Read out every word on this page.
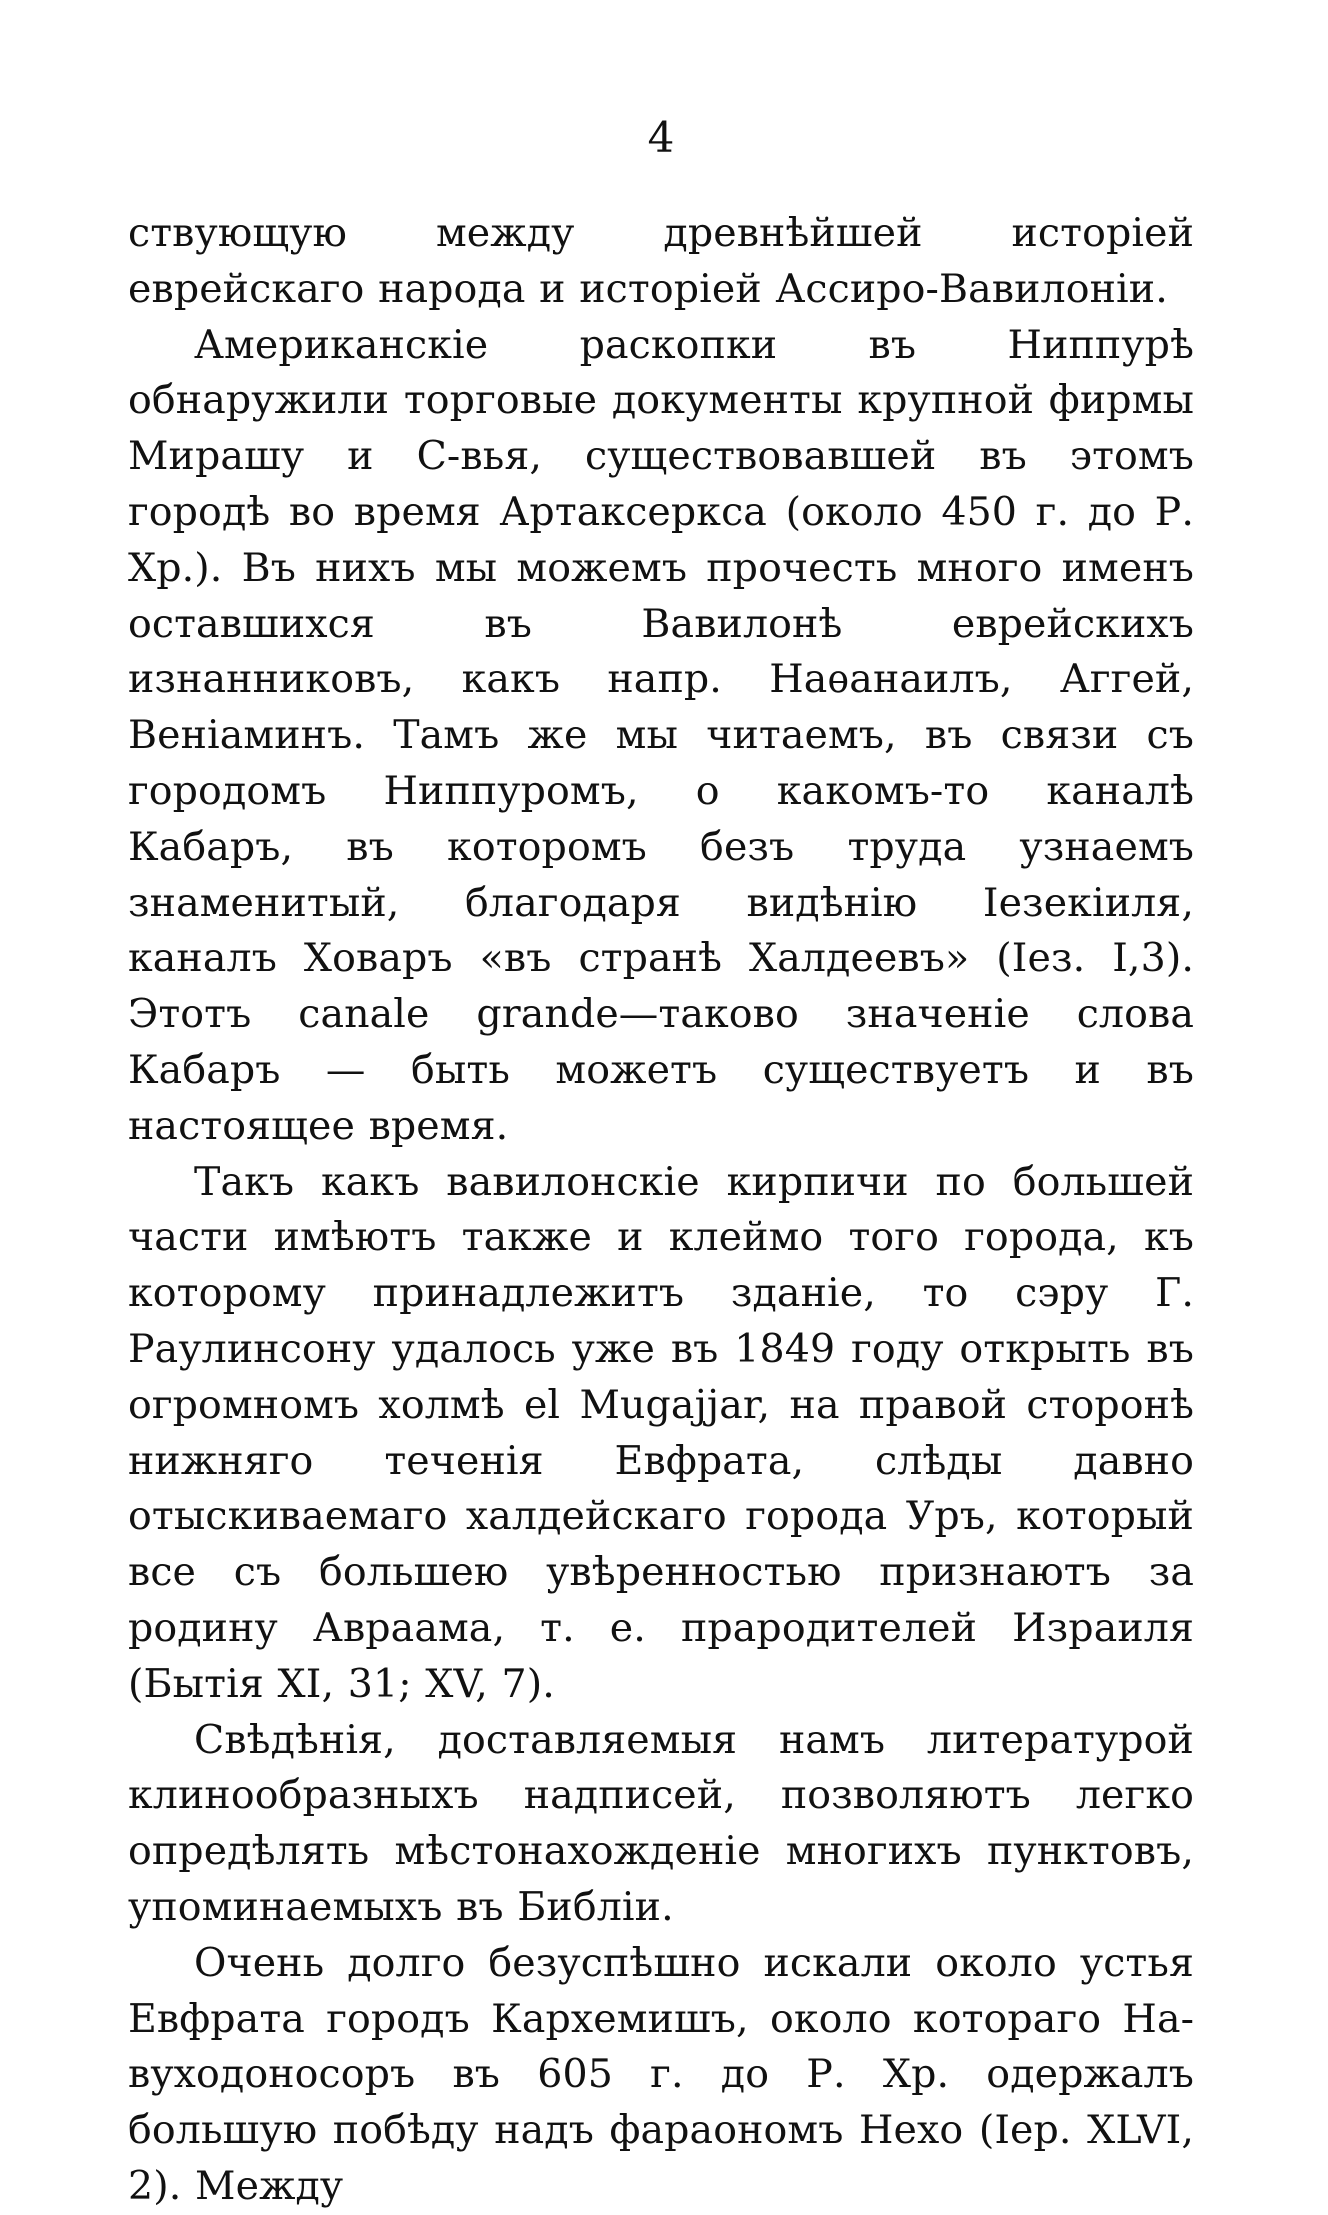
4

ствующую между древнѣйшей исторіей еврейскаго народа и исторіей Ассиро-Вавилоніи.

Американскіе раскопки въ Ниппурѣ обнаружили торговые документы крупной фирмы Мирашу и С-вья, существовавшей въ этомъ городѣ во время Артаксеркса (около 450 г. до Р. Хр.). Въ нихъ мы можемъ прочесть много именъ оставшихся въ Вавилонѣ еврейскихъ изнанниковъ, какъ напр. Наѳанаилъ, Аггей, Веніаминъ. Тамъ же мы читаемъ, въ связи съ городомъ Ниппуромъ, о какомъ-то каналѣ Кабаръ, въ которомъ безъ труда узнаемъ знаменитый, благодаря видѣнію Іезекіиля, каналъ Ховаръ «въ странѣ Халдеевъ» (Іез. I,3). Этотъ canale grande—таково значеніе слова Кабаръ — быть можетъ существуетъ и въ настоящее время.

Такъ какъ вавилонскіе кирпичи по большей части имѣютъ также и клеймо того города, къ которому принадлежитъ зданіе, то сэру Г. Раулинсону удалось уже въ 1849 году открыть въ огромномъ холмѣ el Mugajjar, на правой сторонѣ нижняго теченія Евфрата, слѣды давно отыскиваемаго халдейскаго города Уръ, который все съ большею увѣренностью признаютъ за родину Авраама, т. е. прародителей Израиля (Бытія XI, 31; XV, 7).

Свѣдѣнія, доставляемыя намъ литературой клинообразныхъ надписей, позволяютъ легко опредѣлять мѣстонахожденіе многихъ пунктовъ, упоминаемыхъ въ Библіи.

Очень долго безуспѣшно искали около устья Евфрата городъ Кархемишъ, около котораго Навуходоносоръ въ 605 г. до Р. Хр. одержалъ большую побѣду надъ фараономъ Нехо (Іер. XLVI, 2). Между
